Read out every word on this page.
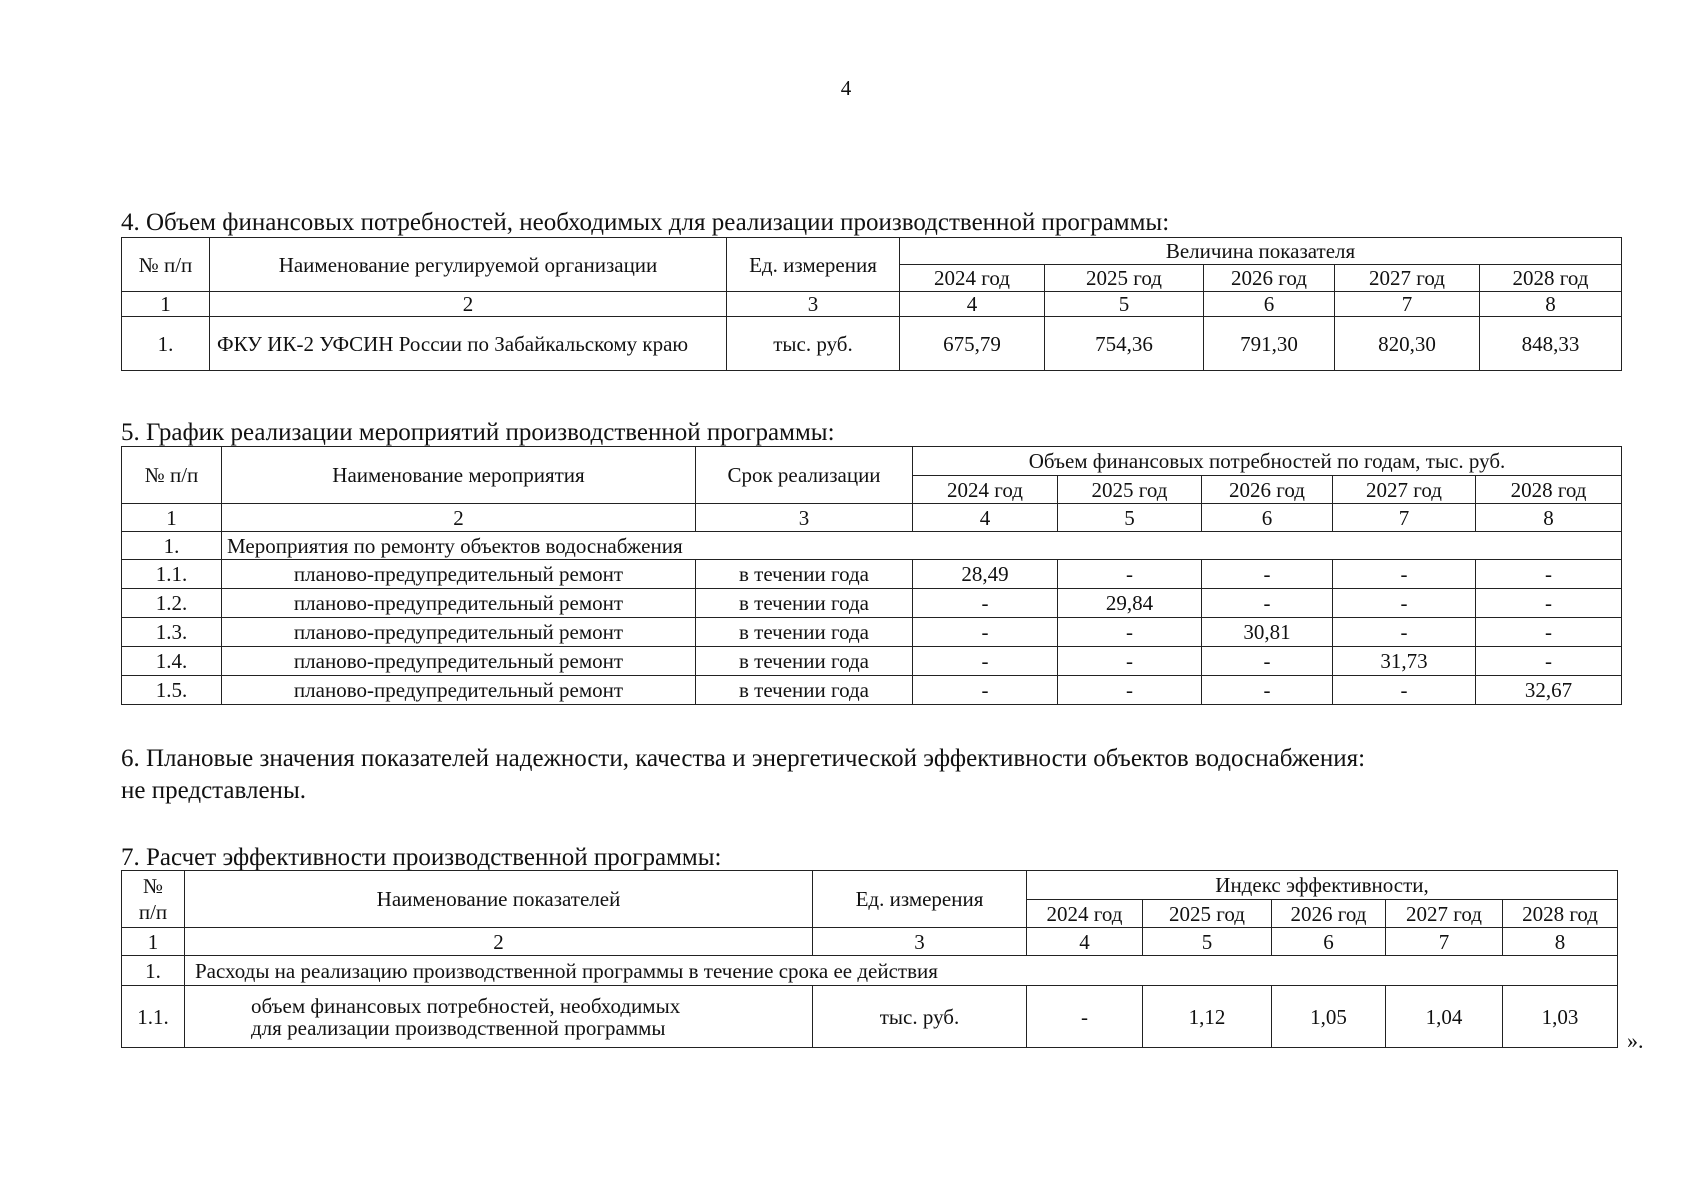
4
4. Объем финансовых потребностей, необходимых для реализации производственной программы:
№ п/п	Наименование регулируемой организации	Ед. измерения	Величина показателя				
			2024 год	2025 год	2026 год	2027 год	2028 год
1	2	3	4	5	6	7	8
1.	ФКУ ИК-2 УФСИН России по Забайкальскому краю	тыс. руб.	675,79	754,36	791,30	820,30	848,33
5. График реализации мероприятий производственной программы:
№ п/п	Наименование мероприятия	Срок реализации	Объем финансовых потребностей по годам, тыс. руб.				
			2024 год	2025 год	2026 год	2027 год	2028 год
1	2	3	4	5	6	7	8
1.	Мероприятия по ремонту объектов водоснабжения						
1.1.	планово-предупредительный ремонт	в течении года	28,49	-	-	-	-
1.2.	планово-предупредительный ремонт	в течении года	-	29,84	-	-	-
1.3.	планово-предупредительный ремонт	в течении года	-	-	30,81	-	-
1.4.	планово-предупредительный ремонт	в течении года	-	-	-	31,73	-
1.5.	планово-предупредительный ремонт	в течении года	-	-	-	-	32,67
6. Плановые значения показателей надежности, качества и энергетической эффективности объектов водоснабжения:
не представлены.
7. Расчет эффективности производственной программы:
№
п/п	Наименование показателей	Ед. измерения	Индекс эффективности,				
			2024 год	2025 год	2026 год	2027 год	2028 год
1	2	3	4	5	6	7	8
1.	Расходы на реализацию производственной программы в течение срока ее действия						
1.1.	объем финансовых потребностей, необходимых
для реализации производственной программы	тыс. руб.	-	1,12	1,05	1,04	1,03
».
